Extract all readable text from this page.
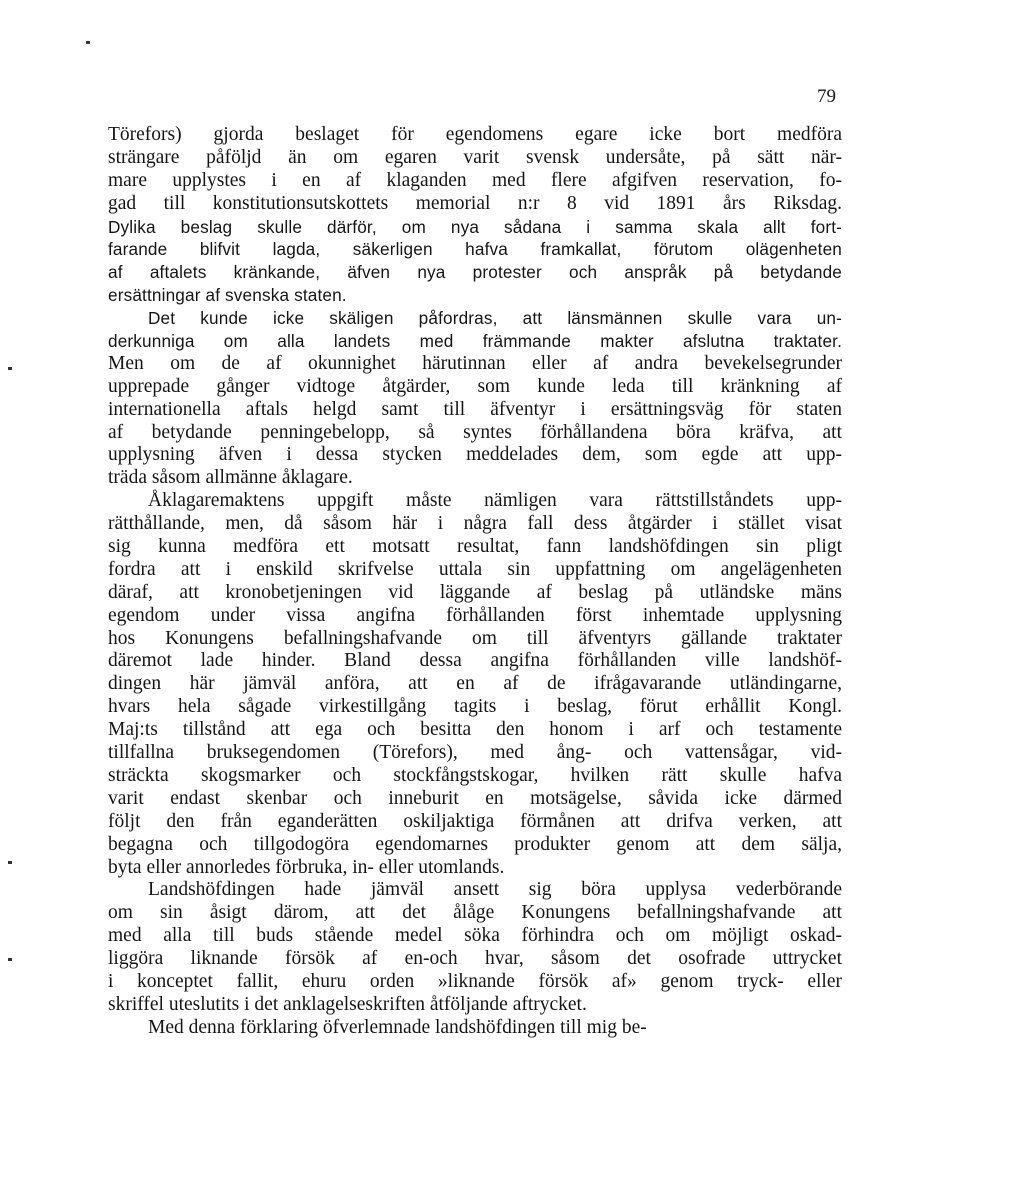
79
Törefors) gjorda beslaget för egendomens egare icke bort medföra
strängare påföljd än om egaren varit svensk undersåte, på sätt när-
mare upplystes i en af klaganden med flere afgifven reservation, fo-
gad till konstitutionsutskottets memorial n:r 8 vid 1891 års Riksdag.
Dylika beslag skulle därför, om nya sådana i samma skala allt fort-
farande blifvit lagda, säkerligen hafva framkallat, förutom olägenheten
af aftalets kränkande, äfven nya protester och anspråk på betydande
ersättningar af svenska staten.
Det kunde icke skäligen påfordras, att länsmännen skulle vara un-
derkunniga om alla landets med främmande makter afslutna traktater.
Men om de af okunnighet härutinnan eller af andra bevekelsegrunder
upprepade gånger vidtoge åtgärder, som kunde leda till kränkning af
internationella aftals helgd samt till äfventyr i ersättningsväg för staten
af betydande penningebelopp, så syntes förhållandena böra kräfva, att
upplysning äfven i dessa stycken meddelades dem, som egde att upp-
träda såsom allmänne åklagare.
Åklagaremaktens uppgift måste nämligen vara rättstillståndets upp-
rätthållande, men, då såsom här i några fall dess åtgärder i stället visat
sig kunna medföra ett motsatt resultat, fann landshöfdingen sin pligt
fordra att i enskild skrifvelse uttala sin uppfattning om angelägenheten
däraf, att kronobetjeningen vid läggande af beslag på utländske mäns
egendom under vissa angifna förhållanden först inhemtade upplysning
hos Konungens befallningshafvande om till äfventyrs gällande traktater
däremot lade hinder. Bland dessa angifna förhållanden ville landshöf-
dingen här jämväl anföra, att en af de ifrågavarande utländingarne,
hvars hela sågade virkestillgång tagits i beslag, förut erhållit Kongl.
Maj:ts tillstånd att ega och besitta den honom i arf och testamente
tillfallna bruksegendomen (Törefors), med ång- och vattensågar, vid-
sträckta skogsmarker och stockfångstskogar, hvilken rätt skulle hafva
varit endast skenbar och inneburit en motsägelse, såvida icke därmed
följt den från eganderätten oskiljaktiga förmånen att drifva verken, att
begagna och tillgodogöra egendomarnes produkter genom att dem sälja,
byta eller annorledes förbruka, in- eller utomlands.
Landshöfdingen hade jämväl ansett sig böra upplysa vederbörande
om sin åsigt därom, att det ålåge Konungens befallningshafvande att
med alla till buds stående medel söka förhindra och om möjligt oskad-
liggöra liknande försök af en-och hvar, såsom det osofrade uttrycket
i konceptet fallit, ehuru orden »liknande försök af» genom tryck- eller
skriffel uteslutits i det anklagelseskriften åtföljande aftrycket.
Med denna förklaring öfverlemnade landshöfdingen till mig be-
